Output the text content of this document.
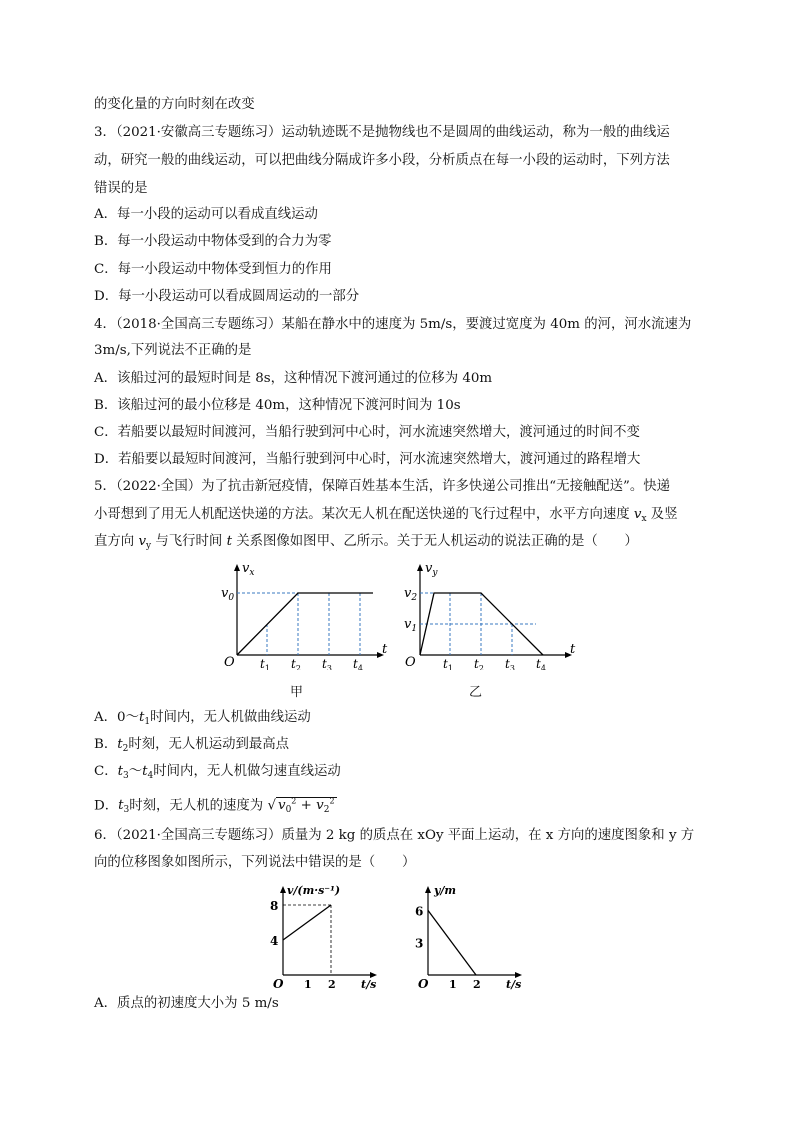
的变化量的方向时刻在改变
3．（2021·安徽高三专题练习）运动轨迹既不是抛物线也不是圆周的曲线运动，称为一般的曲线运
动，研究一般的曲线运动，可以把曲线分隔成许多小段，分析质点在每一小段的运动时，下列方法
错误的是
A．每一小段的运动可以看成直线运动
B．每一小段运动中物体受到的合力为零
C．每一小段运动中物体受到恒力的作用
D．每一小段运动可以看成圆周运动的一部分
4．（2018·全国高三专题练习）某船在静水中的速度为 5m/s，要渡过宽度为 40m 的河，河水流速为
3m/s,下列说法不正确的是
A．该船过河的最短时间是 8s，这种情况下渡河通过的位移为 40m
B．该船过河的最小位移是 40m，这种情况下渡河时间为 10s
C．若船要以最短时间渡河，当船行驶到河中心时，河水流速突然增大，渡河通过的时间不变
D．若船要以最短时间渡河，当船行驶到河中心时，河水流速突然增大，渡河通过的路程增大
5．（2022·全国）为了抗击新冠疫情，保障百姓基本生活，许多快递公司推出“无接触配送”。快递
小哥想到了用无人机配送快递的方法。某次无人机在配送快递的飞行过程中，水平方向速度 $v_x$ 及竖
直方向 $v_y$ 与飞行时间 t 关系图像如图甲、乙所示。关于无人机运动的说法正确的是（　　）
$v_x$
t
O
$v_0$
$t_1$ $t_2$ $t_3$ $t_4$
甲
$v_y$
t
O
$v_2$
$v_1$
$t_1$ $t_2$ $t_3$ $t_4$
乙
A．$0\sim t_1$时间内，无人机做曲线运动
B．$t_2$时刻，无人机运动到最高点
C．$t_3\sim t_4$时间内，无人机做匀速直线运动
D．$t_3$时刻，无人机的速度为 √ $v_0^2 + v_2^2$
6．（2021·全国高三专题练习）质量为 2 kg 的质点在 xOy 平面上运动，在 x 方向的速度图象和 y 方
向的位移图象如图所示，下列说法中错误的是（　　）
v/(m·s⁻¹)
t/s
O
8
4
1 2
y/m
t/s
O
6
3
1 2
A．质点的初速度大小为 5 m/s
